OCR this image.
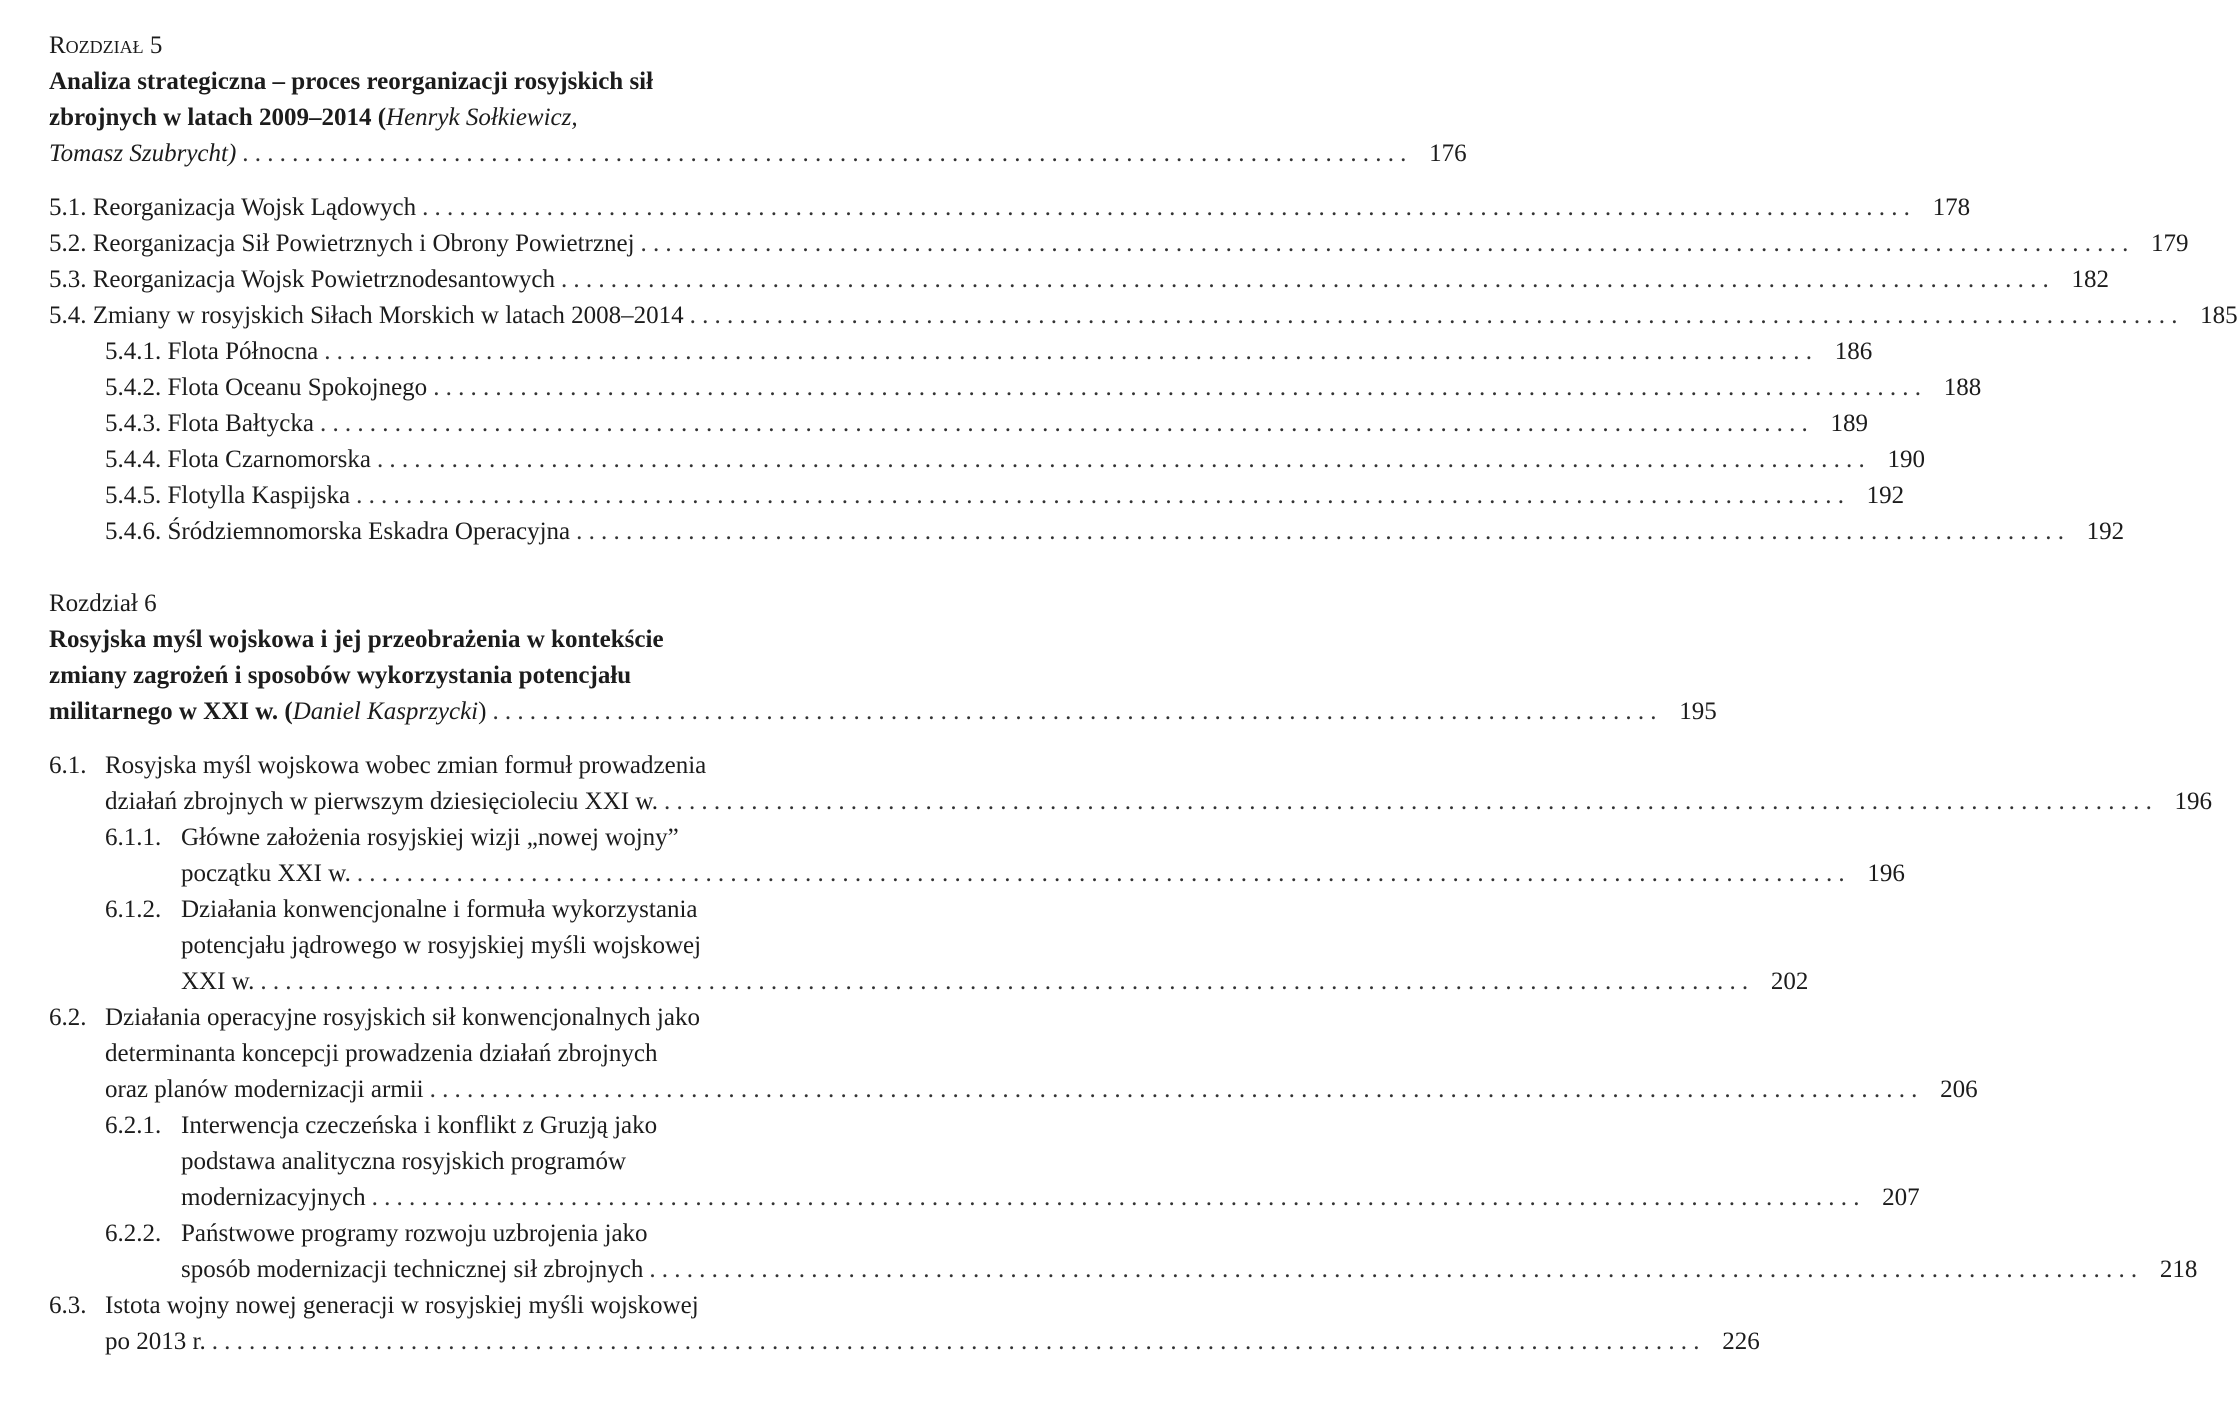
Rozdział 5
Analiza strategiczna – proces reorganizacji rosyjskich sił
zbrojnych w latach 2009–2014 (Henryk Sołkiewicz,
Tomasz Szubrycht) .............................................................................................. 176
5.1. Reorganizacja Wojsk Lądowych ........................................................................................................................ 178
5.2. Reorganizacja Sił Powietrznych i Obrony Powietrznej ........................................................................................................................ 179
5.3. Reorganizacja Wojsk Powietrznodesantowych ........................................................................................................................ 182
5.4. Zmiany w rosyjskich Siłach Morskich w latach 2008–2014 ........................................................................................................................ 185
5.4.1. Flota Północna ........................................................................................................................ 186
5.4.2. Flota Oceanu Spokojnego ........................................................................................................................ 188
5.4.3. Flota Bałtycka ........................................................................................................................ 189
5.4.4. Flota Czarnomorska ........................................................................................................................ 190
5.4.5. Flotylla Kaspijska ........................................................................................................................ 192
5.4.6. Śródziemnomorska Eskadra Operacyjna ........................................................................................................................ 192
Rozdział 6
Rosyjska myśl wojskowa i jej przeobrażenia w kontekście
zmiany zagrożeń i sposobów wykorzystania potencjału
militarnego w XXI w. (Daniel Kasprzycki) .............................................................................................. 195
6.1. Rosyjska myśl wojskowa wobec zmian formuł prowadzenia
działań zbrojnych w pierwszym dziesięcioleciu XXI w. ........................................................................................................................ 196
6.1.1. Główne założenia rosyjskiej wizji „nowej wojny”
początku XXI w. ........................................................................................................................ 196
6.1.2. Działania konwencjonalne i formuła wykorzystania
potencjału jądrowego w rosyjskiej myśli wojskowej
XXI w. ........................................................................................................................ 202
6.2. Działania operacyjne rosyjskich sił konwencjonalnych jako
determinanta koncepcji prowadzenia działań zbrojnych
oraz planów modernizacji armii ........................................................................................................................ 206
6.2.1. Interwencja czeczeńska i konflikt z Gruzją jako
podstawa analityczna rosyjskich programów
modernizacyjnych ........................................................................................................................ 207
6.2.2. Państwowe programy rozwoju uzbrojenia jako
sposób modernizacji technicznej sił zbrojnych ........................................................................................................................ 218
6.3. Istota wojny nowej generacji w rosyjskiej myśli wojskowej
po 2013 r. ........................................................................................................................ 226
